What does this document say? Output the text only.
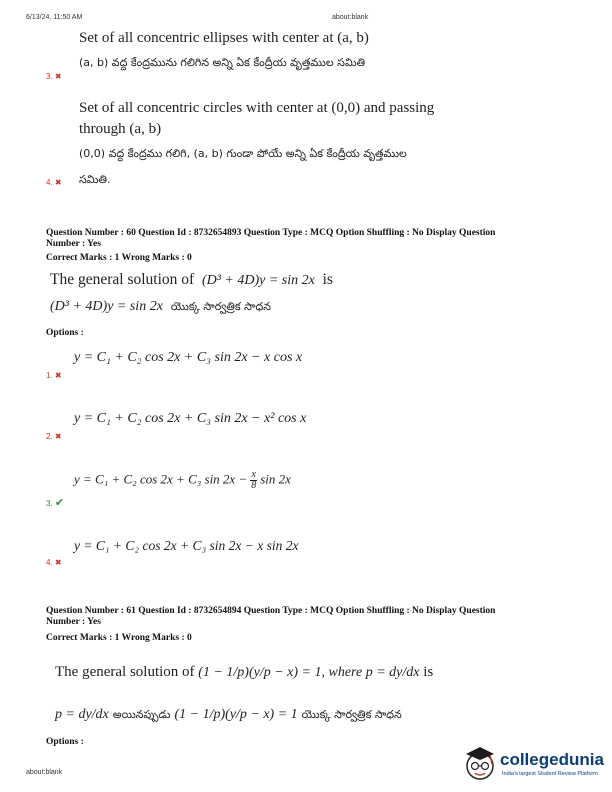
6/13/24, 11:50 AM	about:blank
Set of all concentric ellipses with center at (a, b)
(a, b) వద్ద కేంద్రమును గలిగిన అన్ని ఏక కేంద్రీయ వృత్తముల సమితి
3. ✖
Set of all concentric circles with center at (0,0) and passing
through (a, b)
(0,0) వద్ద కేంద్రము గలిగి, (a, b) గుండా పోయే అన్ని ఏక కేంద్రీయ వృత్తముల
4. ✖ సమితి.
Question Number : 60 Question Id : 8732654893 Question Type : MCQ Option Shuffling : No Display Question
Number : Yes
Correct Marks : 1 Wrong Marks : 0
The general solution of (D³ + 4D)y = sin 2x is
(D³ + 4D)y = sin 2x యొక్క సార్వత్రిక సాధన
Options :
y = C₁ + C₂ cos 2x + C₃ sin 2x − x cos x
1. ✖
y = C₁ + C₂ cos 2x + C₃ sin 2x − x² cos x
2. ✖
y = C₁ + C₂ cos 2x + C₃ $\sin 2x - \frac{x}{8}$ sin 2x
3. ✔
y = C₁ + C₂ cos 2x + C₃ sin 2x − x sin 2x
4. ✖
Question Number : 61 Question Id : 8732654894 Question Type : MCQ Option Shuffling : No Display Question
Number : Yes
Correct Marks : 1 Wrong Marks : 0
The general solution of (1 − 1/p)(y/p − x) = 1, where p = dy/dx is
p = dy/dx అయినప్పుడు (1 − 1/p)(y/p − x) = 1 యొక్క సార్వత్రిక సాధన
Options :
about:blank
collegedunia
India's largest Student Review Platform
